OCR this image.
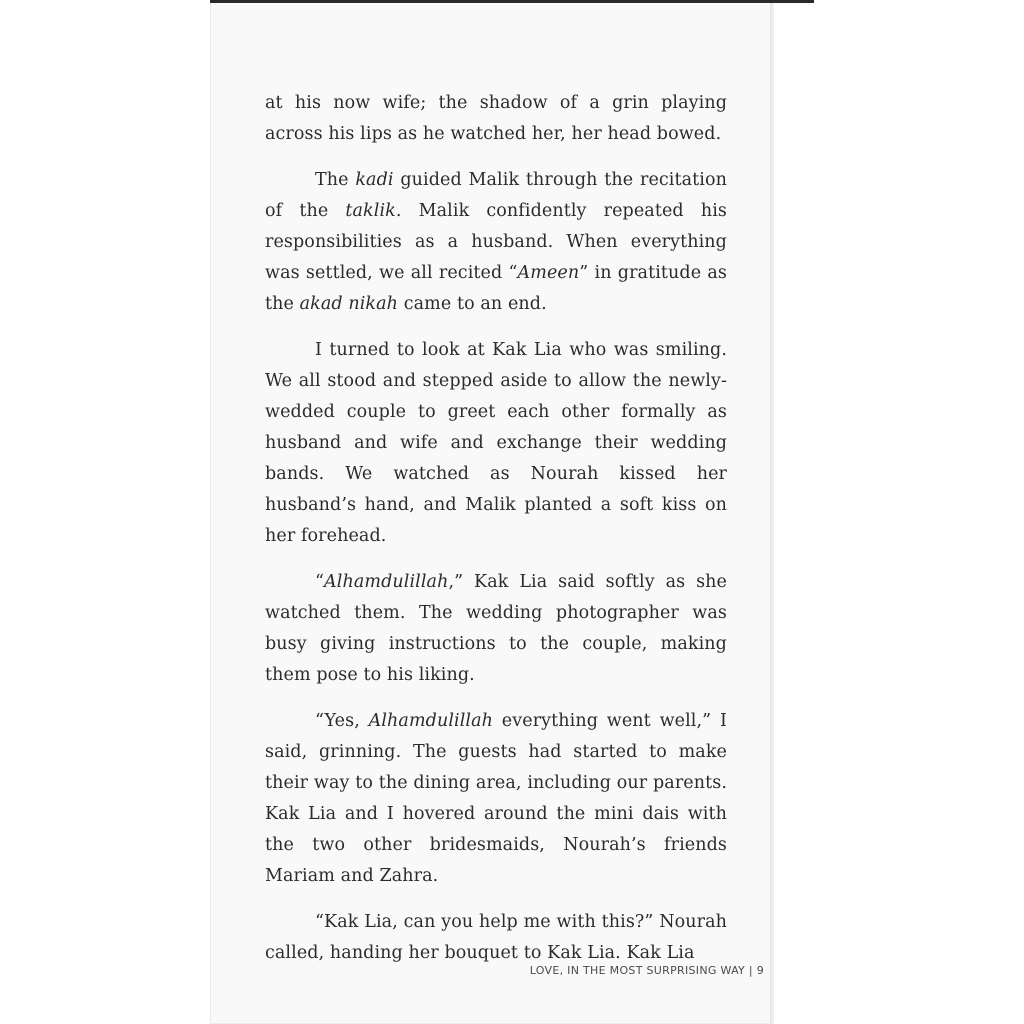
at his now wife; the shadow of a grin playing across his lips as he watched her, her head bowed.

The kadi guided Malik through the recitation of the taklik. Malik confidently repeated his responsibilities as a husband. When everything was settled, we all recited “Ameen” in gratitude as the akad nikah came to an end.

I turned to look at Kak Lia who was smiling. We all stood and stepped aside to allow the newly-wedded couple to greet each other formally as husband and wife and exchange their wedding bands. We watched as Nourah kissed her husband’s hand, and Malik planted a soft kiss on her forehead.

“Alhamdulillah,” Kak Lia said softly as she watched them. The wedding photographer was busy giving instructions to the couple, making them pose to his liking.

“Yes, Alhamdulillah everything went well,” I said, grinning. The guests had started to make their way to the dining area, including our parents. Kak Lia and I hovered around the mini dais with the two other bridesmaids, Nourah’s friends Mariam and Zahra.

“Kak Lia, can you help me with this?” Nourah called, handing her bouquet to Kak Lia. Kak Lia

LOVE, IN THE MOST SURPRISING WAY | 9
